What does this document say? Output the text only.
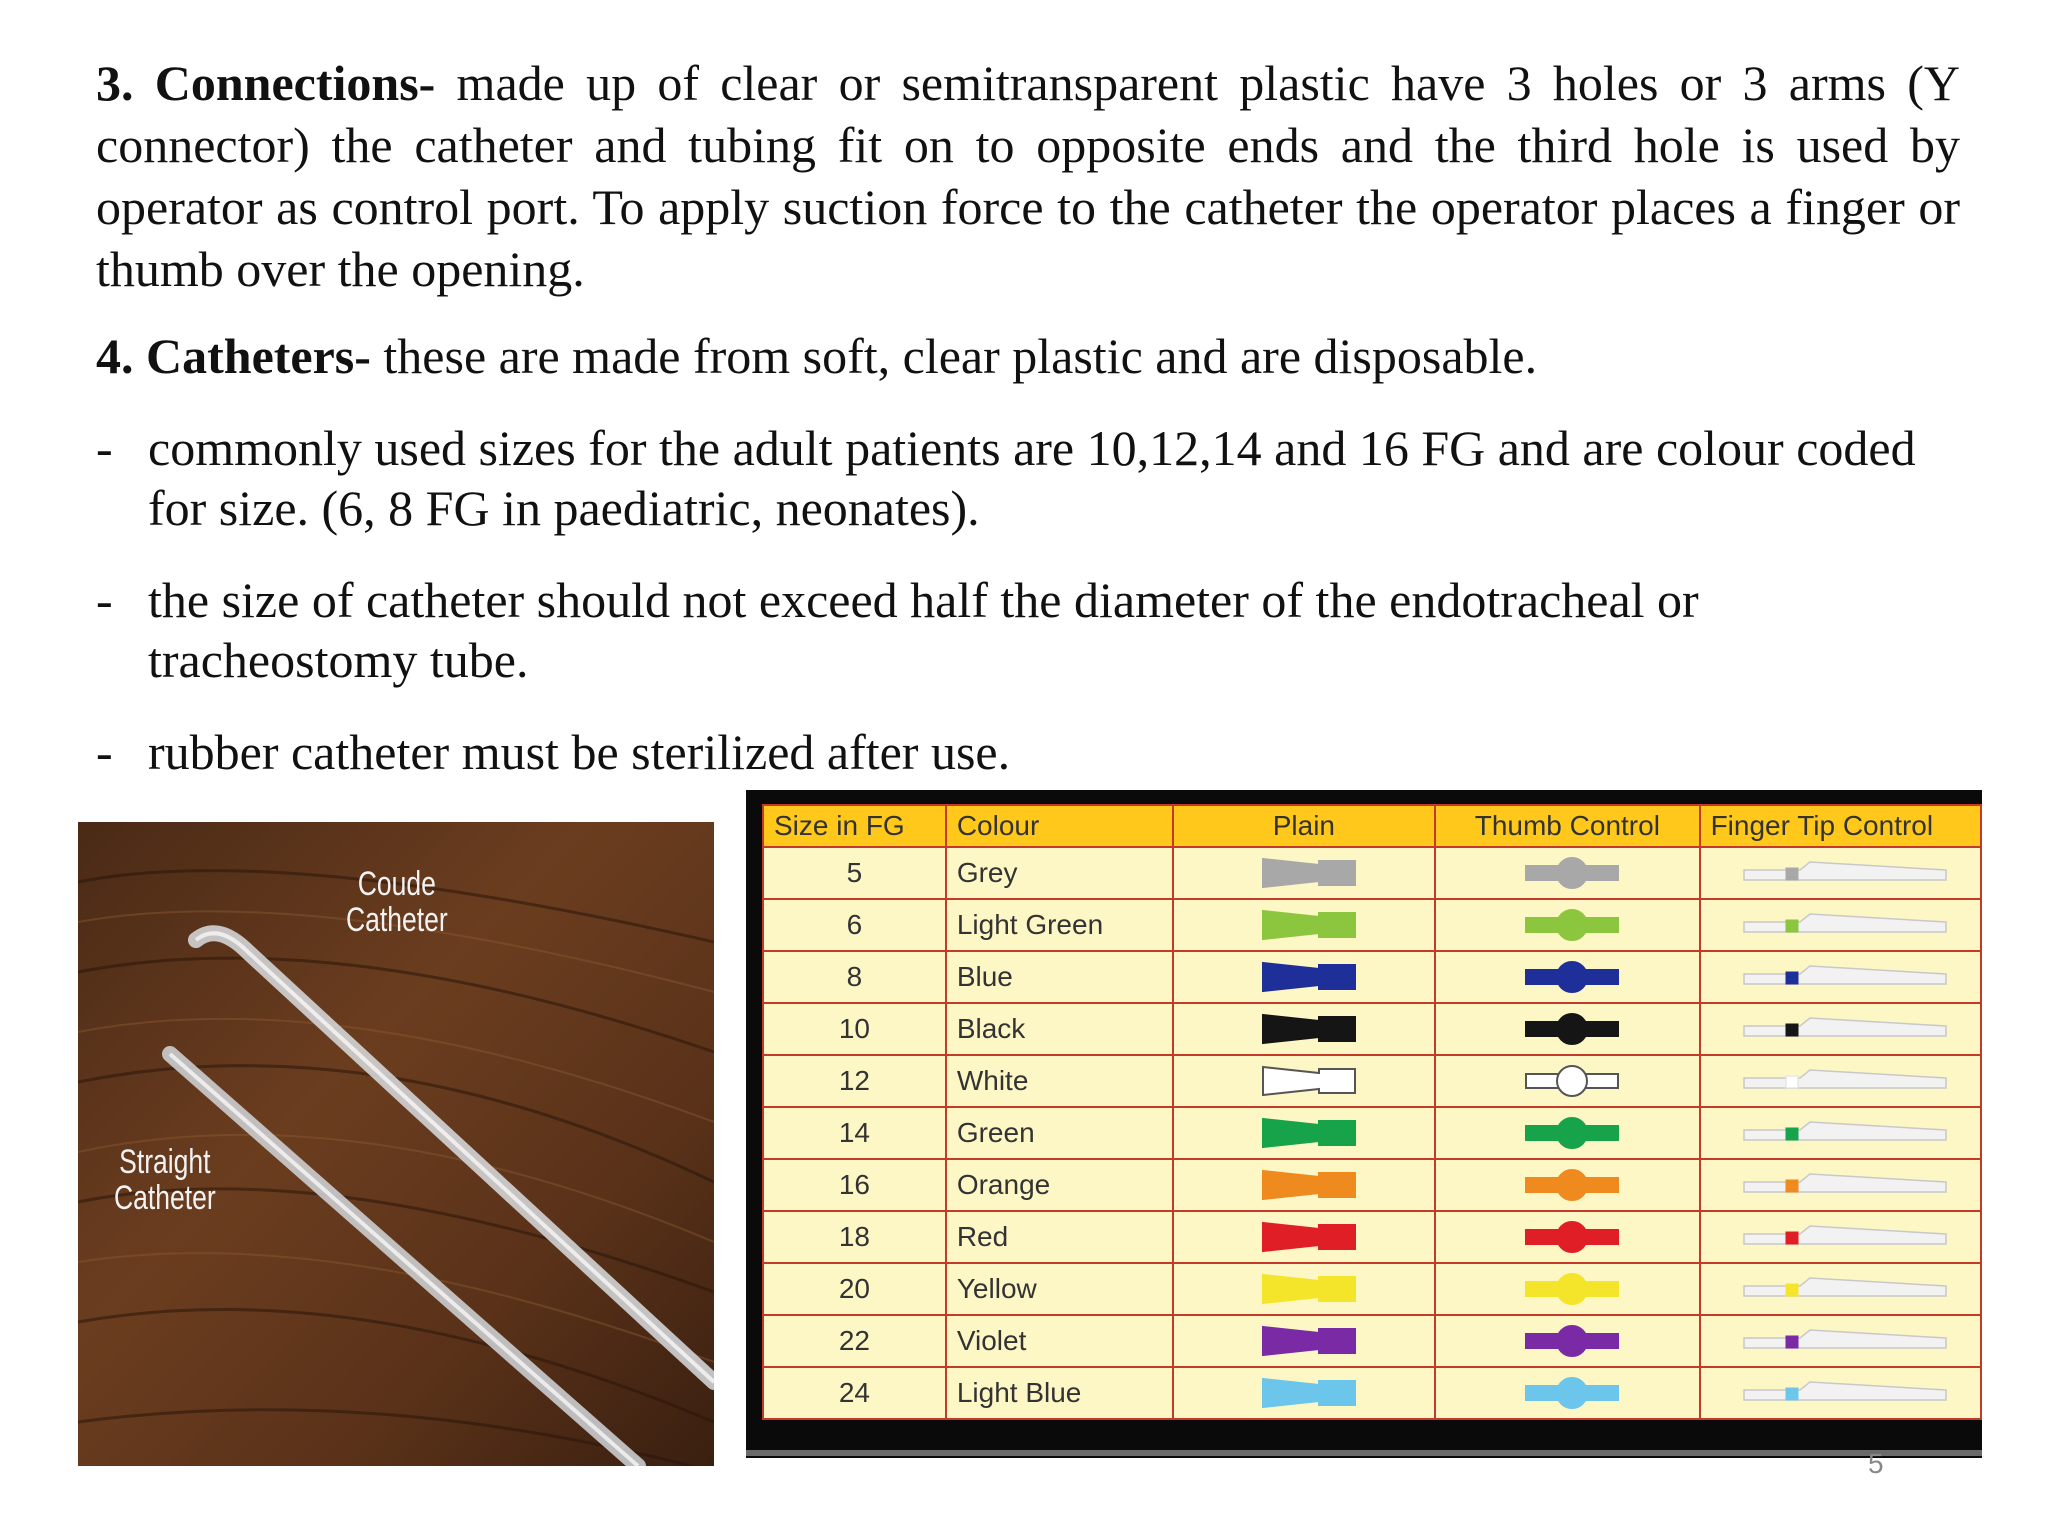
3. Connections- made up of clear or semitransparent plastic have 3 holes or 3 arms (Y connector) the catheter and tubing fit on to opposite ends and the third hole is used by operator as control port. To apply suction force to the catheter the operator places a finger or thumb over the opening.

4. Catheters- these are made from soft, clear plastic and are disposable.

- commonly used sizes for the adult patients are 10,12,14 and 16 FG and are colour coded for size. (6, 8 FG in paediatric, neonates).
- the size of catheter should not exceed half the diameter of the endotracheal or tracheostomy tube.
- rubber catheter must be sterilized after use.
Coude
Catheter
Straight
Catheter
Size in FG	Colour	Plain	Thumb Control	Finger Tip Control
5	Grey	

6	Light Green	

8	Blue	

10	Black	

12	White	

14	Green	

16	Orange	

18	Red	

20	Yellow	

22	Violet	

24	Light Blue	

5
